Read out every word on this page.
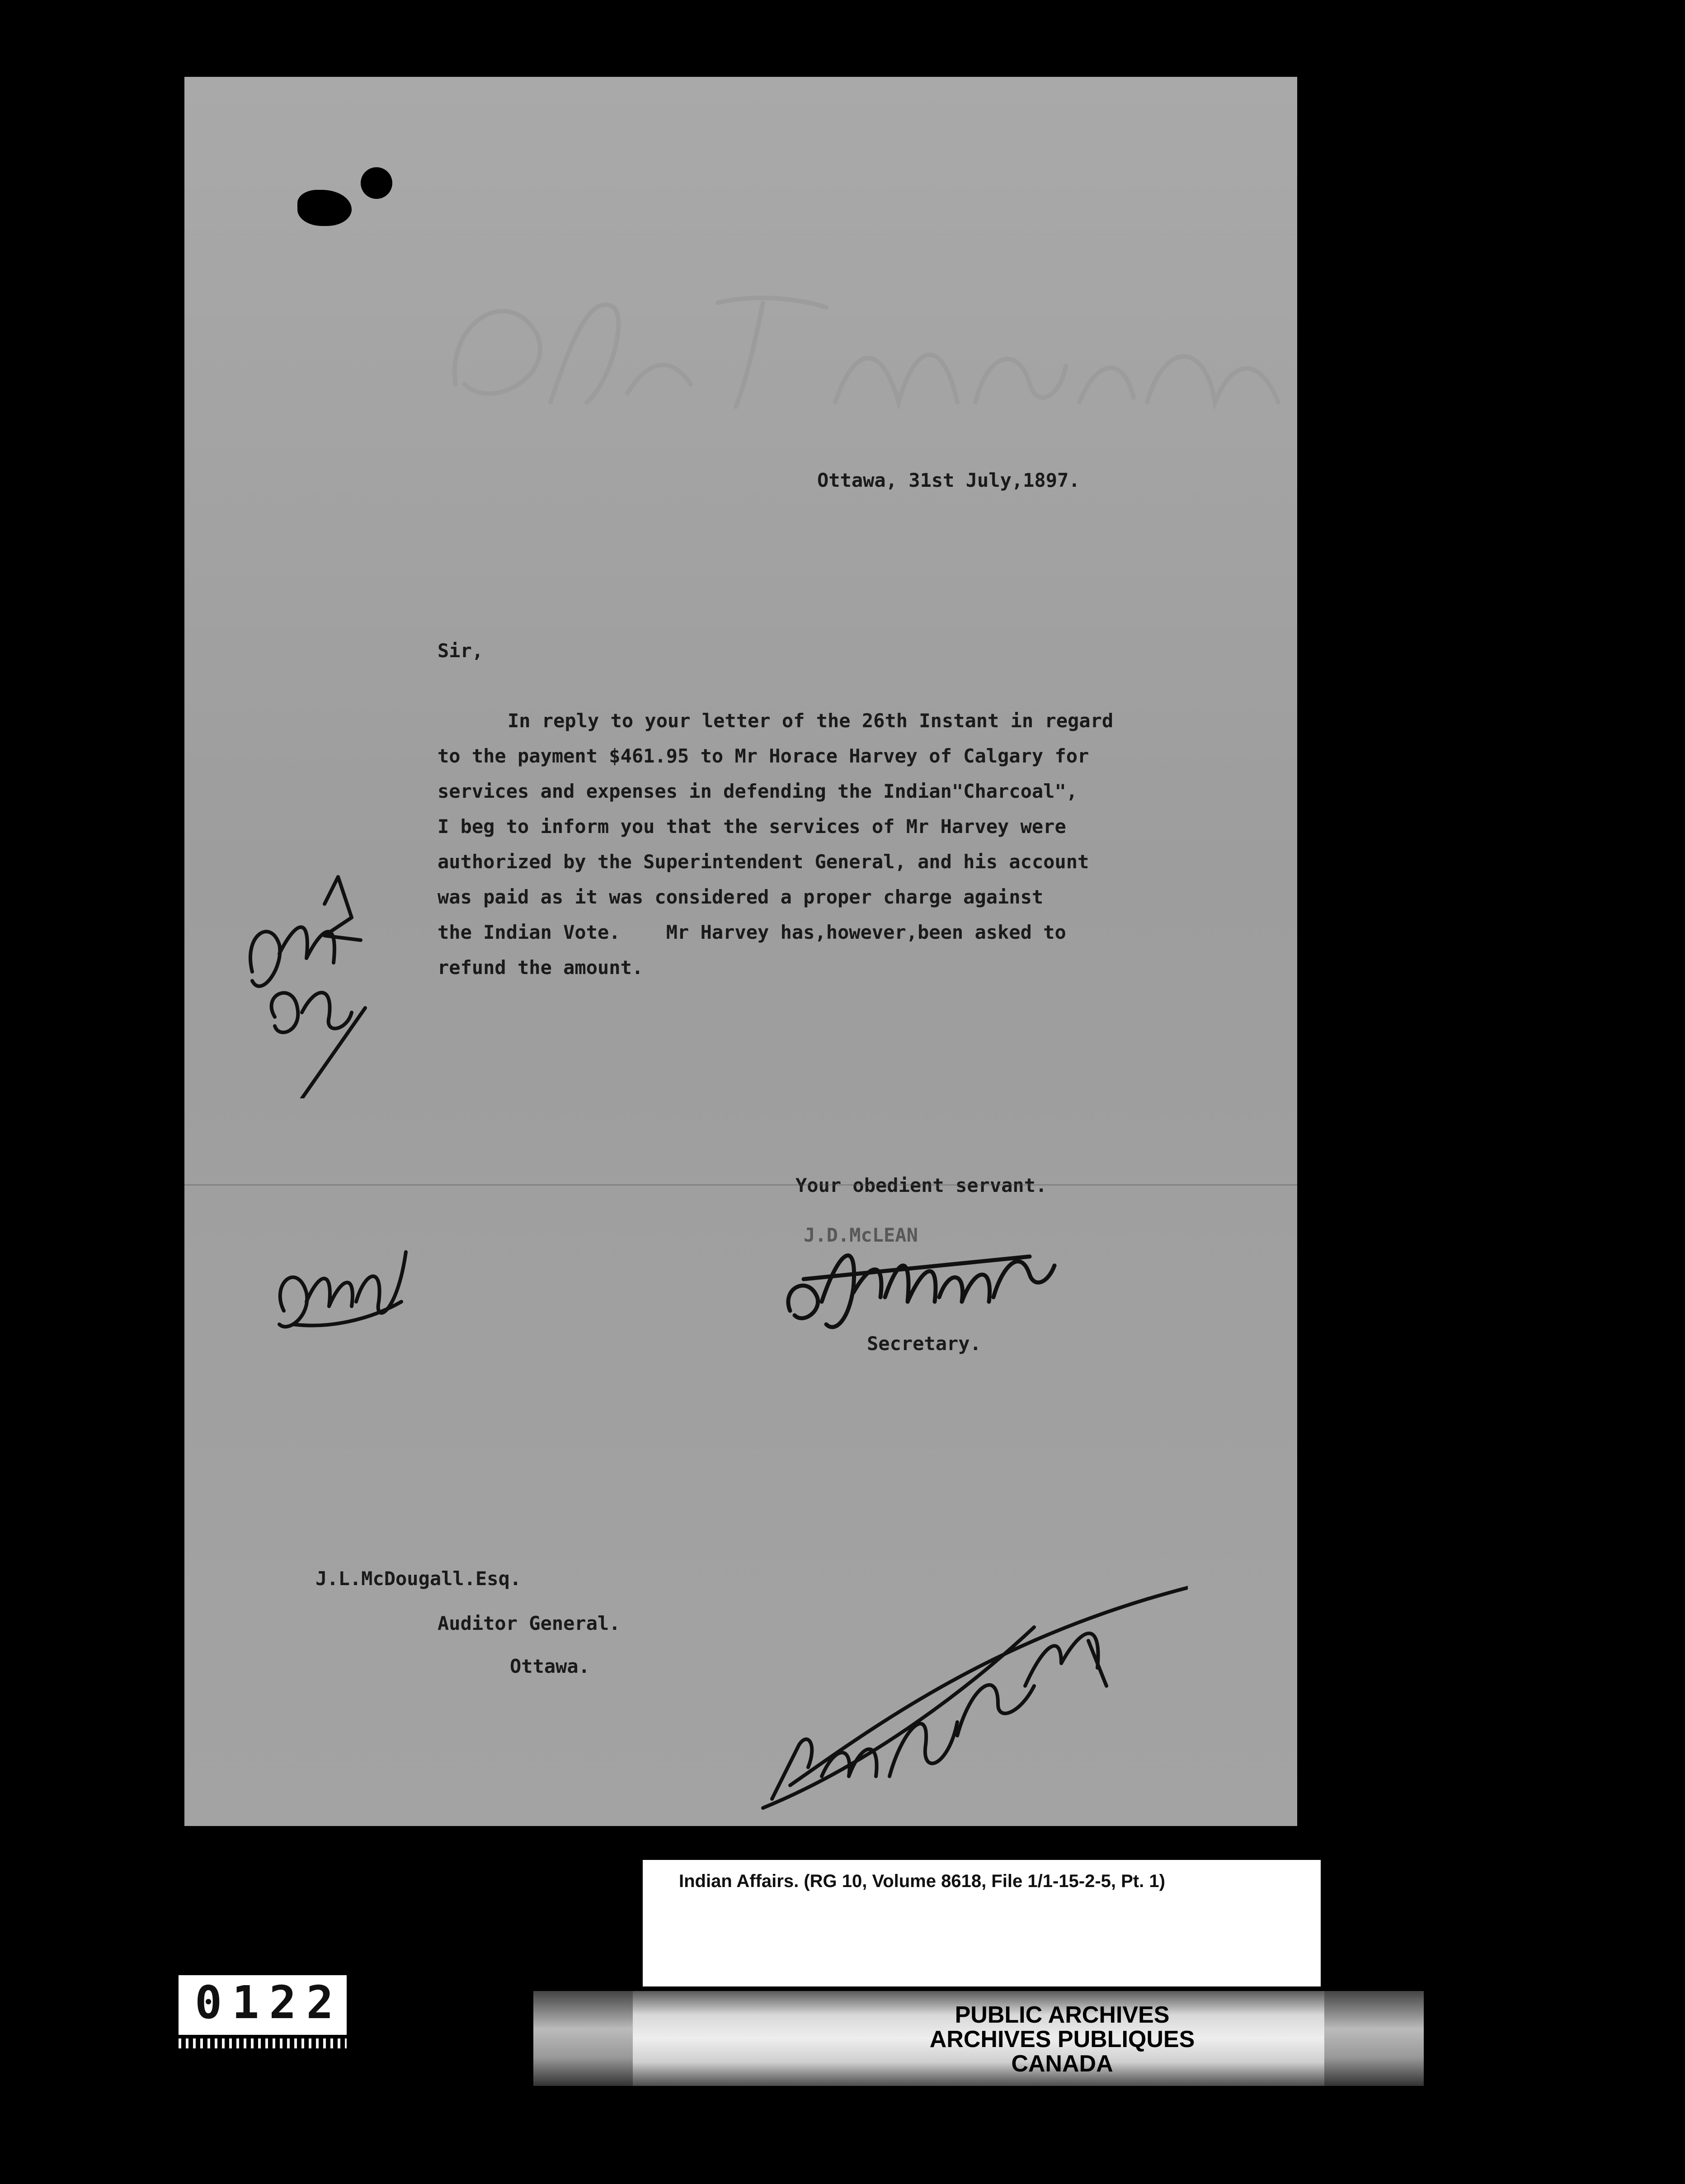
Ottawa, 31st July,1897.
Sir,
In reply to your letter of the 26th Instant in regard
to the payment $461.95 to Mr Horace Harvey of Calgary for
services and expenses in defending the Indian"Charcoal",
I beg to inform you that the services of Mr Harvey were
authorized by the Superintendent General, and his account
was paid as it was considered a proper charge against
the Indian Vote.    Mr Harvey has,however,been asked to
refund the amount.
Your obedient servant.
J.D.McLEAN
Secretary.
J.L.McDougall.Esq.
Auditor General.
Ottawa.
0122
Indian Affairs. (RG 10, Volume 8618, File 1/1-15-2-5, Pt. 1)
PUBLIC ARCHIVES
ARCHIVES PUBLIQUES
CANADA
